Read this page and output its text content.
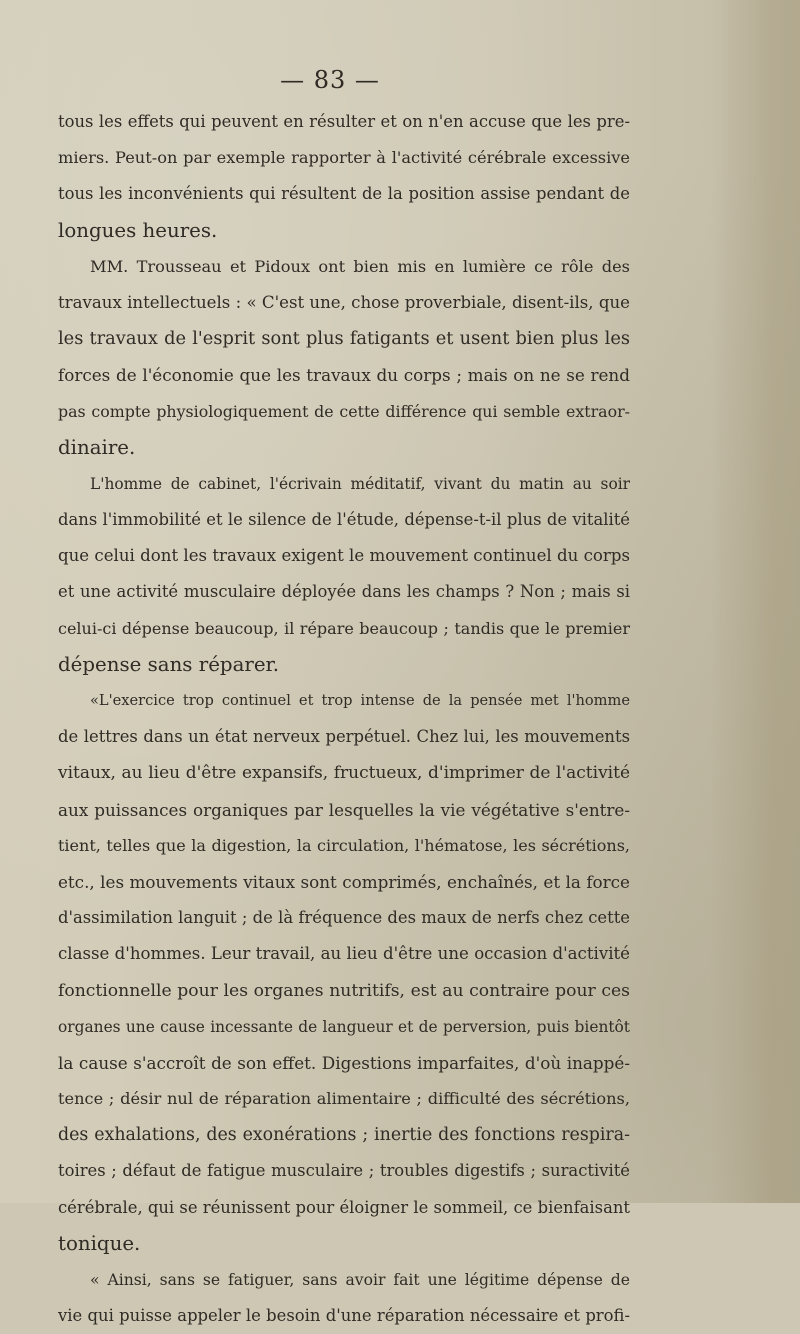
— 83 —
tous les effets qui peuvent en résulter et on n'en accuse que les pre-
miers. Peut-on par exemple rapporter à l'activité cérébrale excessive
tous les inconvénients qui résultent de la position assise pendant de
longues heures.
MM. Trousseau et Pidoux ont bien mis en lumière ce rôle des
travaux intellectuels : « C'est une, chose proverbiale, disent-ils, que
les travaux de l'esprit sont plus fatigants et usent bien plus les
forces de l'économie que les travaux du corps ; mais on ne se rend
pas compte physiologiquement de cette différence qui semble extraor-
dinaire.
L'homme de cabinet, l'écrivain méditatif, vivant du matin au soir
dans l'immobilité et le silence de l'étude, dépense-t-il plus de vitalité
que celui dont les travaux exigent le mouvement continuel du corps
et une activité musculaire déployée dans les champs ? Non ; mais si
celui-ci dépense beaucoup, il répare beaucoup ; tandis que le premier
dépense sans réparer.
«L'exercice trop continuel et trop intense de la pensée met l'homme
de lettres dans un état nerveux perpétuel. Chez lui, les mouvements
vitaux, au lieu d'être expansifs, fructueux, d'imprimer de l'activité
aux puissances organiques par lesquelles la vie végétative s'entre-
tient, telles que la digestion, la circulation, l'hématose, les sécrétions,
etc., les mouvements vitaux sont comprimés, enchaînés, et la force
d'assimilation languit ; de là fréquence des maux de nerfs chez cette
classe d'hommes. Leur travail, au lieu d'être une occasion d'activité
fonctionnelle pour les organes nutritifs, est au contraire pour ces
organes une cause incessante de langueur et de perversion, puis bientôt
la cause s'accroît de son effet. Digestions imparfaites, d'où inappé-
tence ; désir nul de réparation alimentaire ; difficulté des sécrétions,
des exhalations, des exonérations ; inertie des fonctions respira-
toires ; défaut de fatigue musculaire ; troubles digestifs ; suractivité
cérébrale, qui se réunissent pour éloigner le sommeil, ce bienfaisant
tonique.
« Ainsi, sans se fatiguer, sans avoir fait une légitime dépense de
vie qui puisse appeler le besoin d'une réparation nécessaire et profi-
